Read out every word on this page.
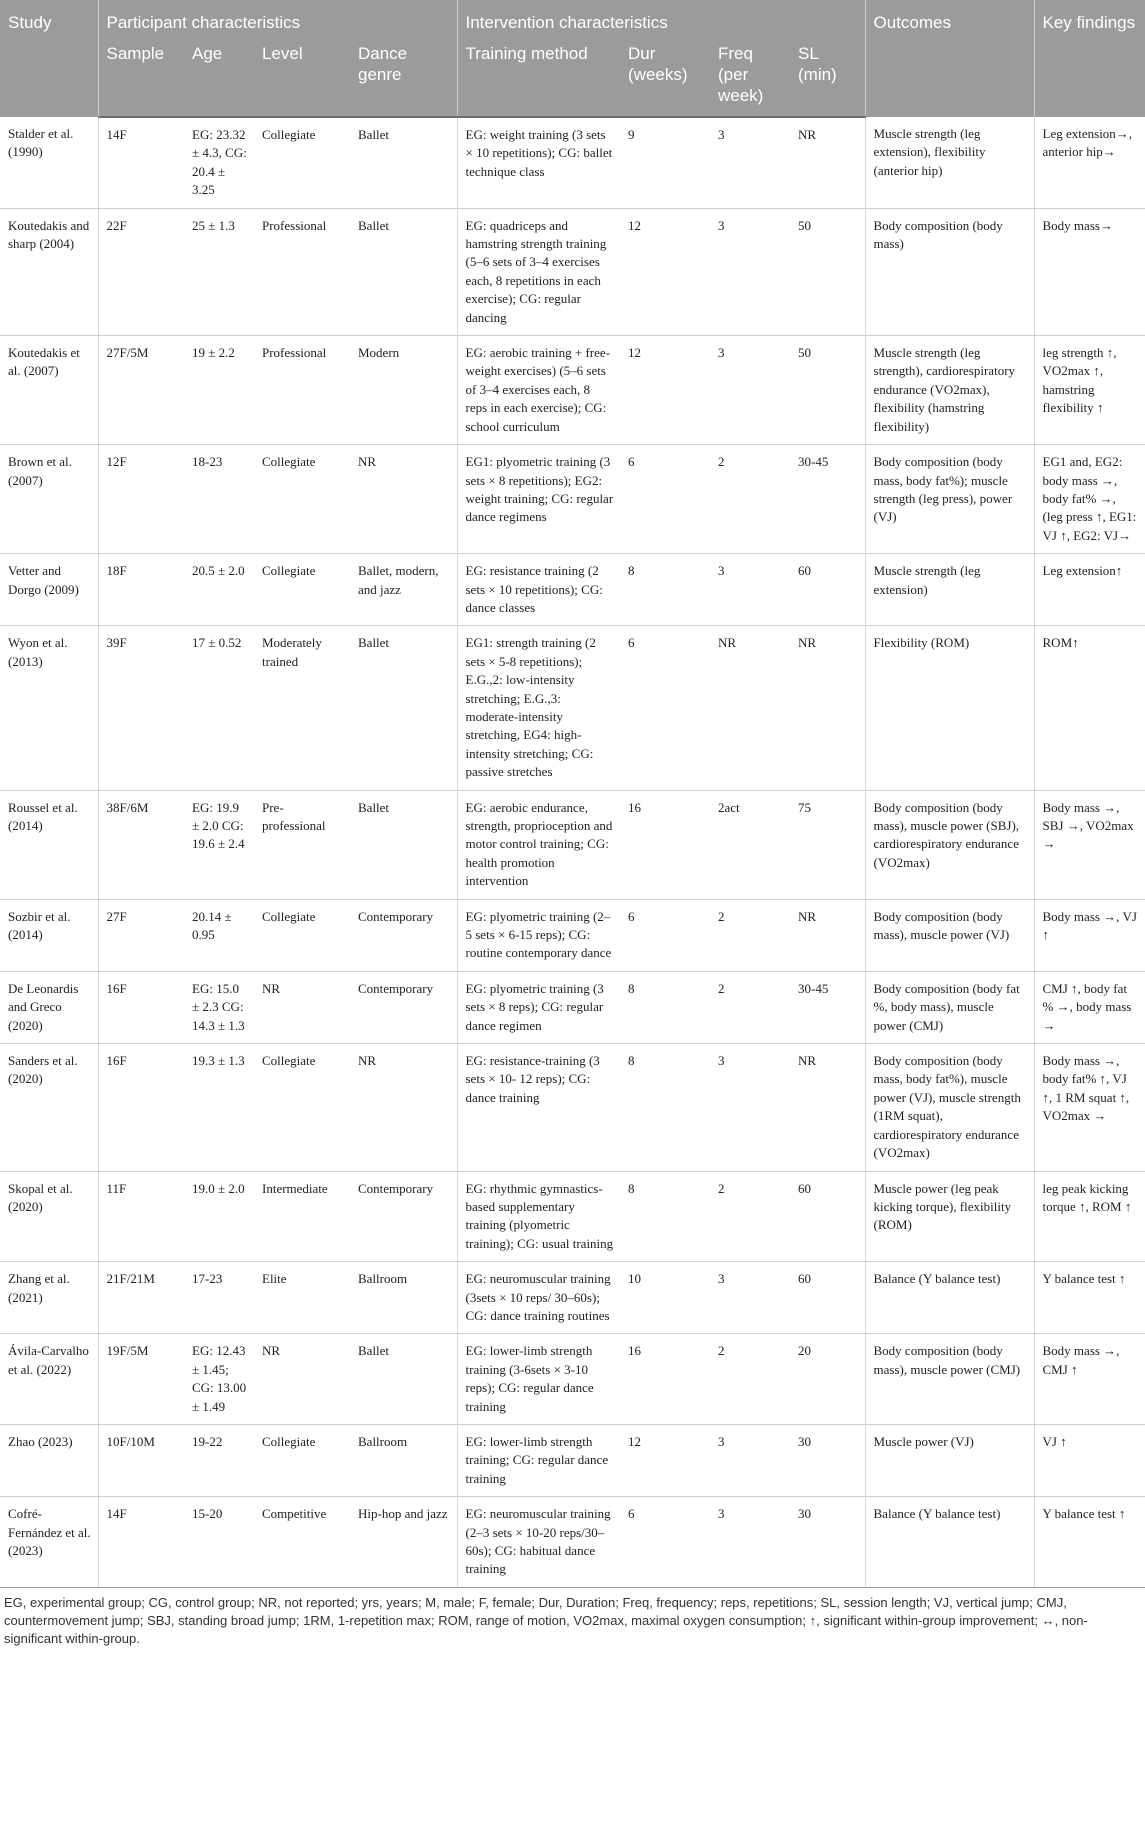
Study	Participant characteristics				Intervention characteristics				Outcomes	Key findings
	Sample	Age	Level	Dance genre	Training method	Dur (weeks)	Freq (per week)	SL (min)		
Stalder et al. (1990)	14F	EG: 23.32 ± 4.3, CG: 20.4 ± 3.25	Collegiate	Ballet	EG: weight training (3 sets × 10 repetitions); CG: ballet technique class	9	3	NR	Muscle strength (leg extension), flexibility (anterior hip)	Leg extension→, anterior hip→
Koutedakis and sharp (2004)	22F	25 ± 1.3	Professional	Ballet	EG: quadriceps and hamstring strength training (5–6 sets of 3–4 exercises each, 8 repetitions in each exercise); CG: regular dancing	12	3	50	Body composition (body mass)	Body mass→
Koutedakis et al. (2007)	27F/5M	19 ± 2.2	Professional	Modern	EG: aerobic training + free-weight exercises) (5–6 sets of 3–4 exercises each, 8 reps in each exercise); CG: school curriculum	12	3	50	Muscle strength (leg strength), cardiorespiratory endurance (VO2max), flexibility (hamstring flexibility)	leg strength ↑, VO2max ↑, hamstring flexibility ↑
Brown et al. (2007)	12F	18-23	Collegiate	NR	EG1: plyometric training (3 sets × 8 repetitions); EG2: weight training; CG: regular dance regimens	6	2	30-45	Body composition (body mass, body fat%); muscle strength (leg press), power (VJ)	EG1 and, EG2: body mass →, body fat% →, (leg press ↑, EG1: VJ ↑, EG2: VJ→
Vetter and Dorgo (2009)	18F	20.5 ± 2.0	Collegiate	Ballet, modern, and jazz	EG: resistance training (2 sets × 10 repetitions); CG: dance classes	8	3	60	Muscle strength (leg extension)	Leg extension↑
Wyon et al. (2013)	39F	17 ± 0.52	Moderately trained	Ballet	EG1: strength training (2 sets × 5-8 repetitions); E.G.,2: low-intensity stretching; E.G.,3: moderate-intensity stretching, EG4: high-intensity stretching; CG: passive stretches	6	NR	NR	Flexibility (ROM)	ROM↑
Roussel et al. (2014)	38F/6M	EG: 19.9 ± 2.0 CG: 19.6 ± 2.4	Pre-professional	Ballet	EG: aerobic endurance, strength, proprioception and motor control training; CG: health promotion intervention	16	2act	75	Body composition (body mass), muscle power (SBJ), cardiorespiratory endurance (VO2max)	Body mass →, SBJ →, VO2max →
Sozbir et al. (2014)	27F	20.14 ± 0.95	Collegiate	Contemporary	EG: plyometric training (2–5 sets × 6-15 reps); CG: routine contemporary dance	6	2	NR	Body composition (body mass), muscle power (VJ)	Body mass →, VJ ↑
De Leonardis and Greco (2020)	16F	EG: 15.0 ± 2.3 CG: 14.3 ± 1.3	NR	Contemporary	EG: plyometric training (3 sets × 8 reps); CG: regular dance regimen	8	2	30-45	Body composition (body fat %, body mass), muscle power (CMJ)	CMJ ↑, body fat % →, body mass →
Sanders et al. (2020)	16F	19.3 ± 1.3	Collegiate	NR	EG: resistance-training (3 sets × 10- 12 reps); CG: dance training	8	3	NR	Body composition (body mass, body fat%), muscle power (VJ), muscle strength (1RM squat), cardiorespiratory endurance (VO2max)	Body mass →, body fat% ↑, VJ ↑, 1 RM squat ↑, VO2max →
Skopal et al. (2020)	11F	19.0 ± 2.0	Intermediate	Contemporary	EG: rhythmic gymnastics-based supplementary training (plyometric training); CG: usual training	8	2	60	Muscle power (leg peak kicking torque), flexibility (ROM)	leg peak kicking torque ↑, ROM ↑
Zhang et al. (2021)	21F/21M	17-23	Elite	Ballroom	EG: neuromuscular training (3sets × 10 reps/ 30–60s); CG: dance training routines	10	3	60	Balance (Y balance test)	Y balance test ↑
Ávila-Carvalho et al. (2022)	19F/5M	EG: 12.43 ± 1.45; CG: 13.00 ± 1.49	NR	Ballet	EG: lower-limb strength training (3-6sets × 3-10 reps); CG: regular dance training	16	2	20	Body composition (body mass), muscle power (CMJ)	Body mass →, CMJ ↑
Zhao (2023)	10F/10M	19-22	Collegiate	Ballroom	EG: lower-limb strength training; CG: regular dance training	12	3	30	Muscle power (VJ)	VJ ↑
Cofré-Fernández et al. (2023)	14F	15-20	Competitive	Hip-hop and jazz	EG: neuromuscular training (2–3 sets × 10-20 reps/30–60s); CG: habitual dance training	6	3	30	Balance (Y balance test)	Y balance test ↑
EG, experimental group; CG, control group; NR, not reported; yrs, years; M, male; F, female; Dur, Duration; Freq, frequency; reps, repetitions; SL, session length; VJ, vertical jump; CMJ, countermovement jump; SBJ, standing broad jump; 1RM, 1-repetition max; ROM, range of motion, VO2max, maximal oxygen consumption; ↑, significant within-group improvement; ↔, non-significant within-group.
